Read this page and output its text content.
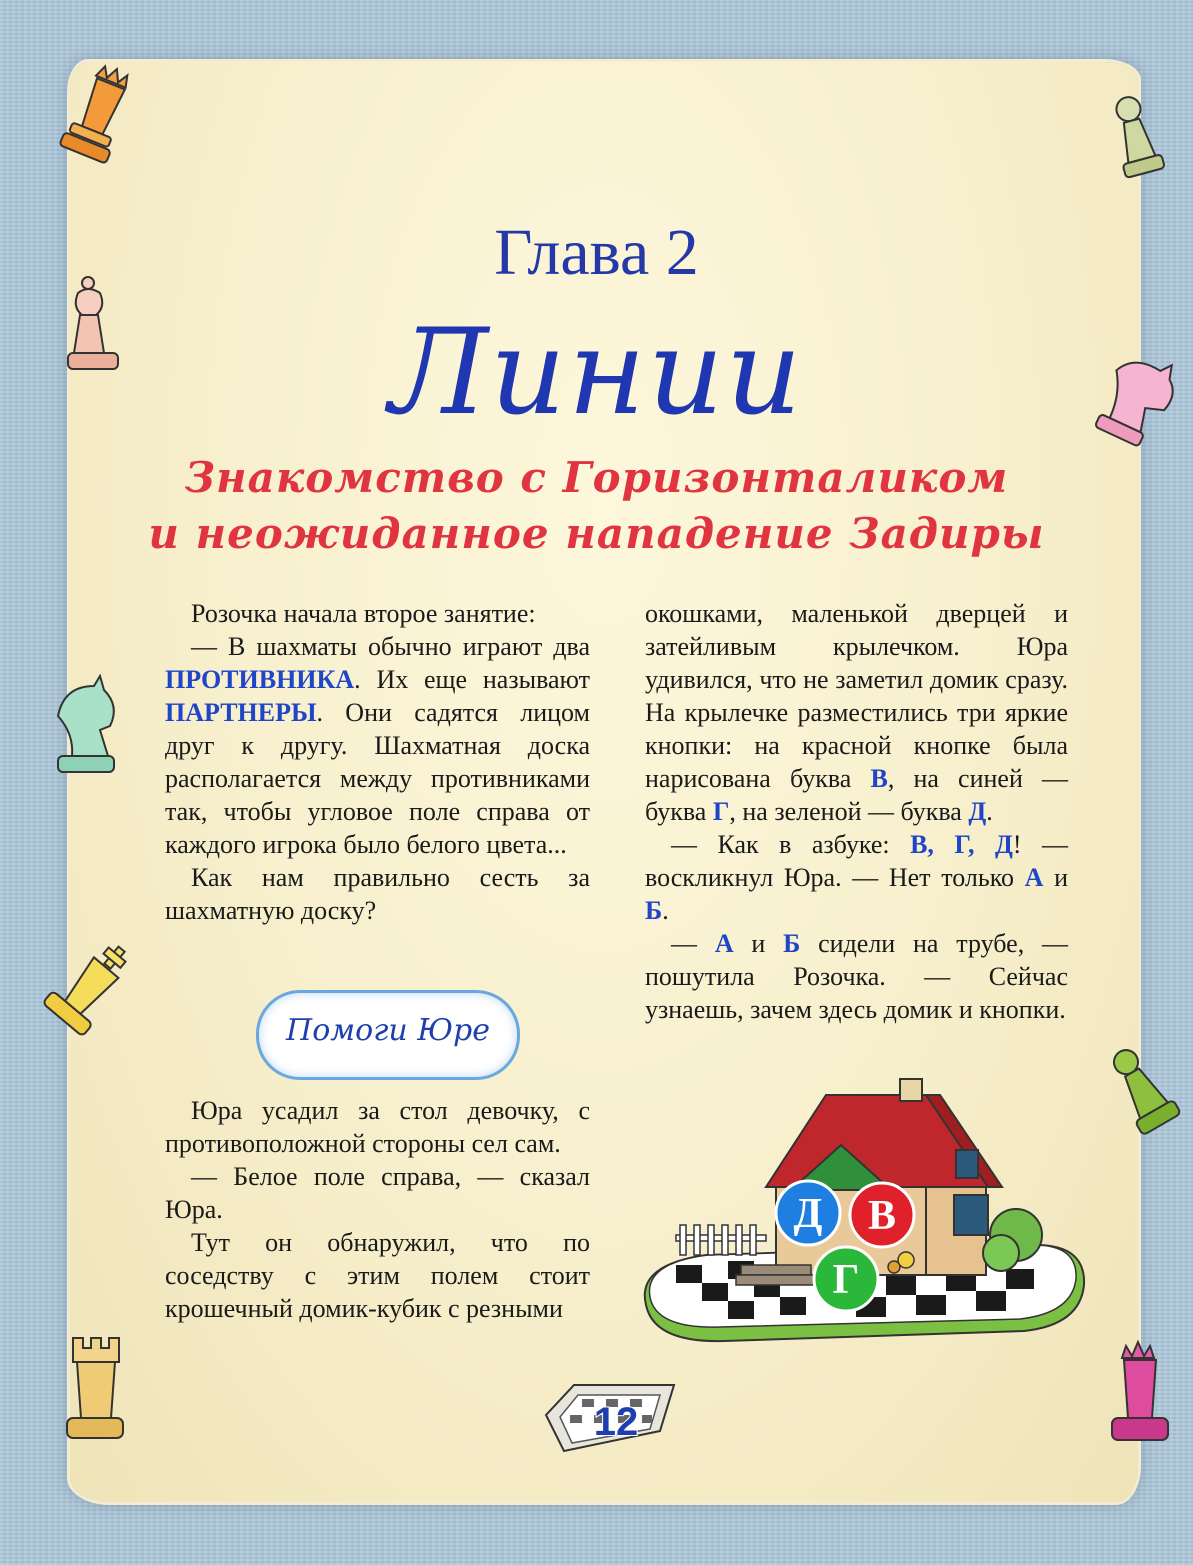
Глава 2
Линии
Знакомство с Горизонталиком
и неожиданное нападение Задиры

Розочка начала второе занятие:

— В шахматы обычно играют два ПРОТИВНИКА. Их еще называют ПАРТНЕРЫ. Они садятся лицом друг к другу. Шахматная доска располагается между противниками так, чтобы угловое поле справа от каждого игрока было белого цвета...

Как нам правильно сесть за шахматную доску?

Помоги Юре

Юра усадил за стол девочку, с противоположной стороны сел сам.

— Белое поле справа, — сказал Юра.

Тут он обнаружил, что по соседству с этим полем стоит крошечный домик-кубик с резными

окошками, маленькой дверцей и затейливым крылечком. Юра удивился, что не заметил домик сразу. На крылечке разместились три яркие кнопки: на красной кнопке была нарисована буква В, на синей — буква Г, на зеленой — буква Д.

— Как в азбуке: В, Г, Д! — воскликнул Юра. — Нет только А и Б.

— А и Б сидели на трубе, — пошутила Розочка. — Сейчас узнаешь, зачем здесь домик и кнопки.

Д В
Г
12
